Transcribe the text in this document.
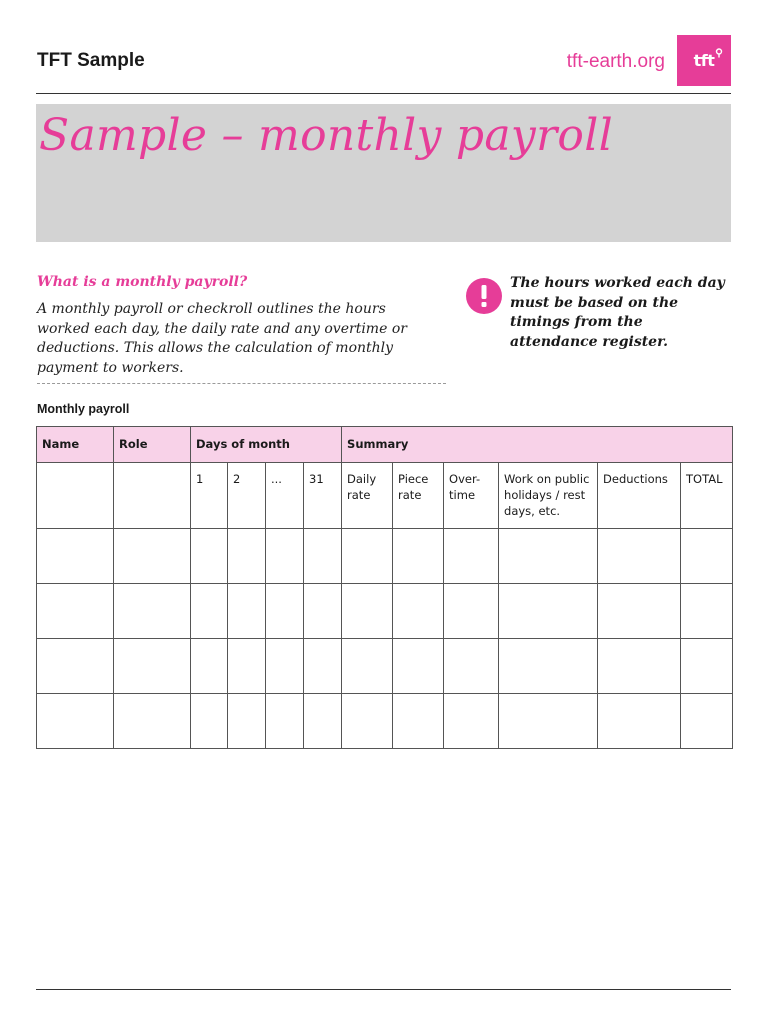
TFT Sample	tft-earth.org tft
Sample – monthly payroll
What is a monthly payroll?
A monthly payroll or checkroll outlines the hours worked each day, the daily rate and any overtime or deductions. This allows the calculation of monthly payment to workers.
The hours worked each day must be based on the timings from the attendance register.
Monthly payroll
Name	Role	Days of month				Summary					
		1	2	...	31	Daily rate	Piece rate	Over-time	Work on public holidays / rest days, etc.	Deductions	TOTAL
